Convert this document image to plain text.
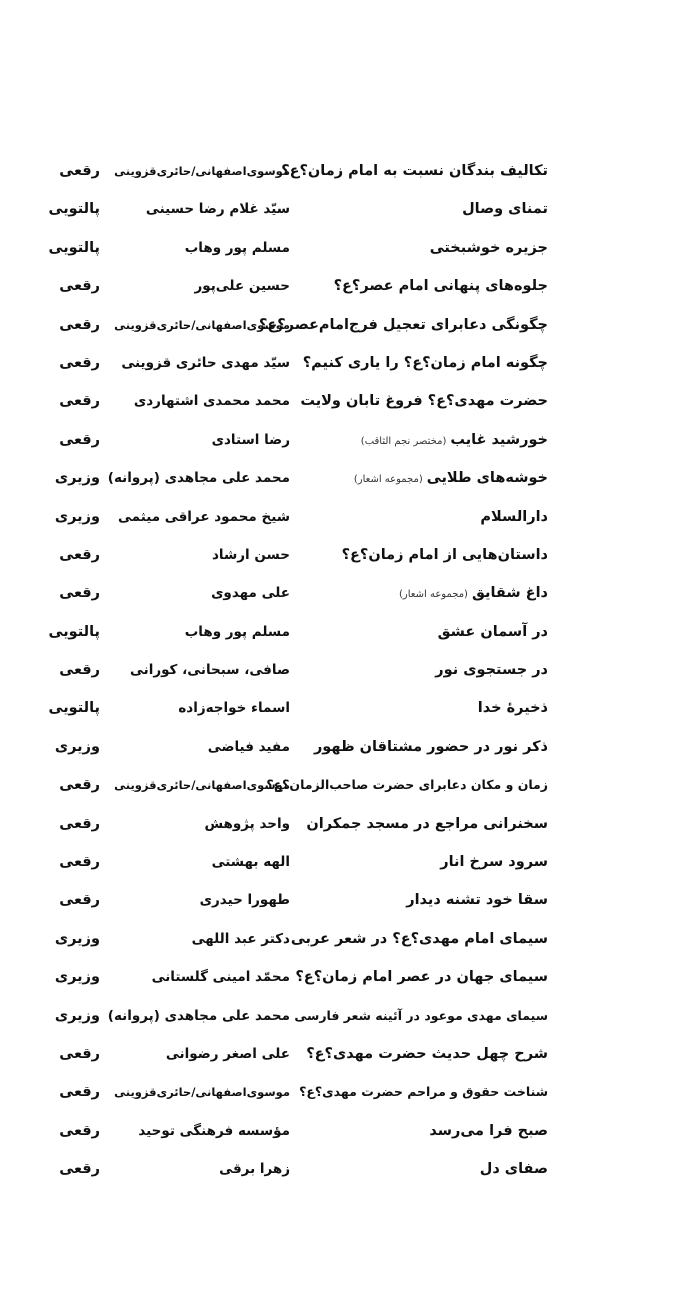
تکالیف بندگان نسبت به امام زمان‌؟ع؟
موسوی‌اصفهانی/حائری‌قزوینی
رقعی
تمنای وصال
سیّد غلام رضا حسینی
پالتویی
جزیره خوشبختی
مسلم پور وهاب
پالتویی
جلوه‌های پنهانی امام عصر؟ع؟
حسین علی‌پور
رقعی
چگونگی دعابرای تعجیل فرج‌امام‌عصر؟ع؟
موسوی‌اصفهانی/حائری‌قزوینی
رقعی
چگونه امام زمان؟ع؟ را یاری کنیم؟
سیّد مهدی حائری قزوینی
رقعی
حضرت مهدی؟ع؟ فروغ تابان ولایت
محمد محمدی اشتهاردی
رقعی
خورشید غایب(مختصر نجم الثاقب)
رضا استادی
رقعی
خوشه‌های طلایی(مجموعه اشعار)
محمد علی مجاهدی (پروانه)
وزیری
دارالسلام
شیخ محمود عراقی میثمی
وزیری
داستان‌هایی از امام زمان؟ع؟
حسن ارشاد
رقعی
داغ شقایق(مجموعه اشعار)
علی مهدوی
رقعی
در آسمان عشق
مسلم پور وهاب
پالتویی
در جستجوی نور
صافی، سبحانی، کورانی
رقعی
ذخیرۀ خدا
اسماء خواجه‌زاده
پالتویی
ذکر نور در حضور مشتاقان ظهور
مفید فیاضی
وزیری
زمان و مکان دعابرای حضرت صاحب‌الزمان؟ع؟
موسوی‌اصفهانی/حائری‌قزوینی
رقعی
سخنرانی مراجع در مسجد جمکران
واحد پژوهش
رقعی
سرود سرخ انار
الهه بهشتی
رقعی
سقا خود تشنه دیدار
طهورا حیدری
رقعی
سیمای امام مهدی؟ع؟ در شعر عربی
دکتر عبد اللهی
وزیری
سیمای جهان در عصر امام زمان؟ع؟
محمّد امینی گلستانی
وزیری
سیمای مهدی موعود در آئینه شعر فارسی
محمد علی مجاهدی (پروانه)
وزیری
شرح چهل حدیث حضرت مهدی؟ع؟
علی اصغر رضوانی
رقعی
شناخت حقوق و مراحم حضرت مهدی؟ع؟
موسوی‌اصفهانی/حائری‌قزوینی
رقعی
صبح فرا می‌رسد
مؤسسه فرهنگی توحید
رقعی
صفای دل
زهرا برقی
رقعی
